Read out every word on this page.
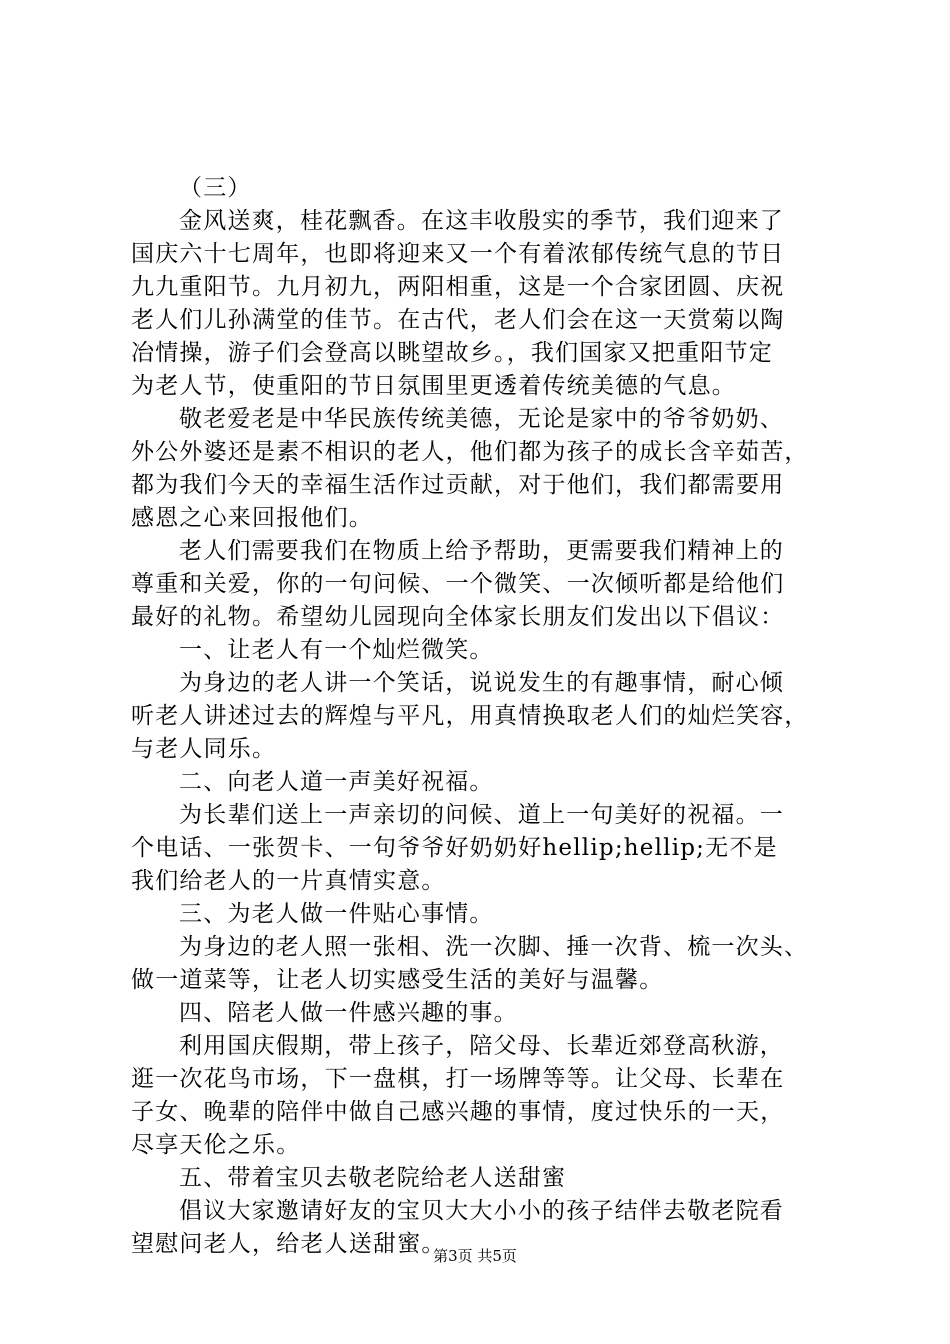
（三）
金风送爽，桂花飘香。在这丰收殷实的季节，我们迎来了
国庆六十七周年，也即将迎来又一个有着浓郁传统气息的节日
九九重阳节。九月初九，两阳相重，这是一个合家团圆、庆祝
老人们儿孙满堂的佳节。在古代，老人们会在这一天赏菊以陶
冶情操，游子们会登高以眺望故乡。，我们国家又把重阳节定
为老人节，使重阳的节日氛围里更透着传统美德的气息。
敬老爱老是中华民族传统美德，无论是家中的爷爷奶奶、
外公外婆还是素不相识的老人，他们都为孩子的成长含辛茹苦，
都为我们今天的幸福生活作过贡献，对于他们，我们都需要用
感恩之心来回报他们。
老人们需要我们在物质上给予帮助，更需要我们精神上的
尊重和关爱，你的一句问候、一个微笑、一次倾听都是给他们
最好的礼物。希望幼儿园现向全体家长朋友们发出以下倡议：
一、让老人有一个灿烂微笑。
为身边的老人讲一个笑话，说说发生的有趣事情，耐心倾
听老人讲述过去的辉煌与平凡，用真情换取老人们的灿烂笑容，
与老人同乐。
二、向老人道一声美好祝福。
为长辈们送上一声亲切的问候、道上一句美好的祝福。一
个电话、一张贺卡、一句爷爷好奶奶好hellip;hellip;无不是
我们给老人的一片真情实意。
三、为老人做一件贴心事情。
为身边的老人照一张相、洗一次脚、捶一次背、梳一次头、
做一道菜等，让老人切实感受生活的美好与温馨。
四、陪老人做一件感兴趣的事。
利用国庆假期，带上孩子，陪父母、长辈近郊登高秋游，
逛一次花鸟市场，下一盘棋，打一场牌等等。让父母、长辈在
子女、晚辈的陪伴中做自己感兴趣的事情，度过快乐的一天，
尽享天伦之乐。
五、带着宝贝去敬老院给老人送甜蜜
倡议大家邀请好友的宝贝大大小小的孩子结伴去敬老院看
望慰问老人，给老人送甜蜜。
第3页 共5页
